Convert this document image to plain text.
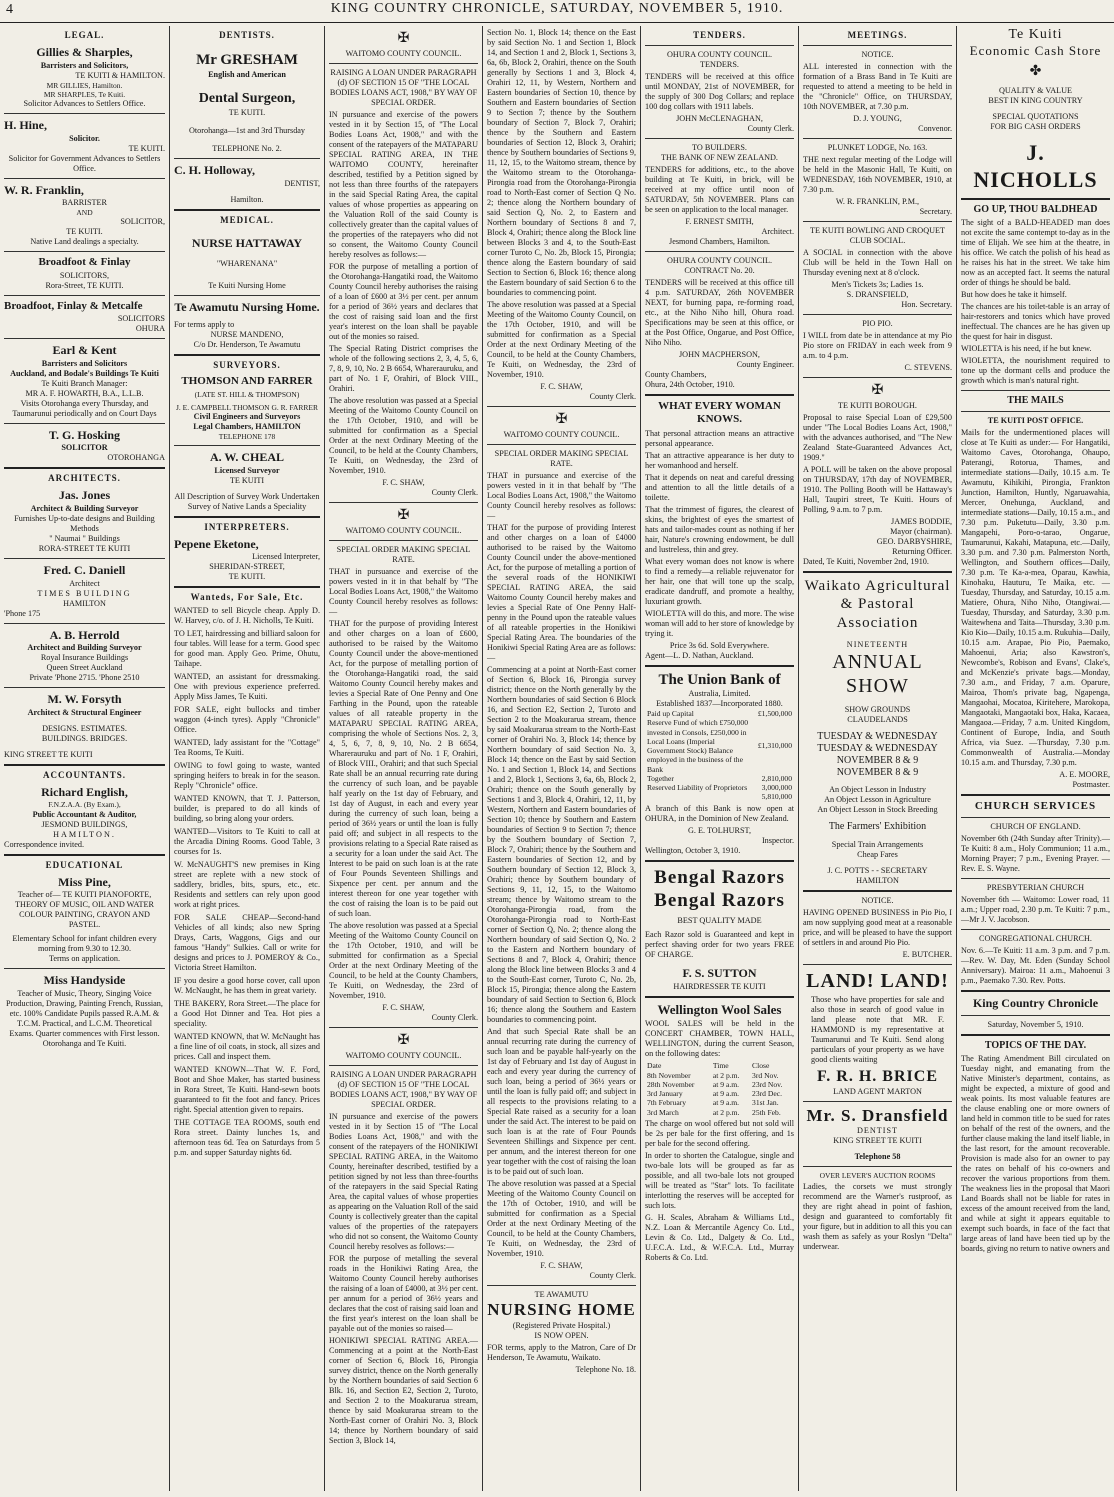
4	KING COUNTRY CHRONICLE, SATURDAY, NOVEMBER 5, 1910.
LEGAL.
Gillies & Sharples,
Barristers and Solicitors,
TE KUITI & HAMILTON.
MR GILLIES, Hamilton.
MR SHARPLES, Te Kuiti.
Solicitor Advances to Settlers Office.
H. Hine,
Solicitor.
TE KUITI.
Solicitor for Government Advances to Settlers Office.
W. R. Franklin,
BARRISTER
AND
SOLICITOR,
TE KUITI.
Native Land dealings a specialty.
Broadfoot & Finlay
SOLICITORS,
Rora-Street, TE KUITI.
Broadfoot, Finlay & Metcalfe
SOLICITORS
OHURA
Earl & Kent
Barristers and Solicitors
Auckland, and Bodale's Buildings Te Kuiti
Te Kuiti Branch Manager:
MR A. F. HOWARTH, B.A., L.L.B.
Visits Otorohanga every Thursday, and Taumarunui periodically and on Court Days
T. G. Hosking
SOLICITOR
OTOROHANGA
ARCHITECTS.
Jas. Jones
Architect & Building Surveyor
Furnishes Up-to-date designs and Building Methods
" Naumai " Buildings
RORA-STREET TE KUITI
Fred. C. Daniell
Architect
TIMES BUILDING
HAMILTON
'Phone 175
A. B. Herrold
Architect and Building Surveyor
Royal Insurance Buildings
Queen Street Auckland
Private 'Phone 2715. 'Phone 2510
M. W. Forsyth
Architect & Structural Engineer
DESIGNS. ESTIMATES.
BUILDINGS. BRIDGES.
KING STREET TE KUITI
ACCOUNTANTS.
Richard English,
F.N.Z.A.A. (By Exam.),
Public Accountant & Auditor,
JESMOND BUILDINGS,
HAMILTON.
Correspondence invited.
EDUCATIONAL
Miss Pine,
Teacher of— TE KUITI PIANOFORTE, THEORY OF MUSIC, OIL AND WATER COLOUR PAINTING, CRAYON AND PASTEL.
Elementary School for infant children every morning from 9.30 to 12.30.
Terms on application.
Miss Handyside
Teacher of Music, Theory, Singing Voice Production, Drawing, Painting French, Russian, etc. 100% Candidate Pupils passed R.A.M. & T.C.M. Practical, and L.C.M. Theoretical Exams. Quarter commences with First lesson. Otorohanga and Te Kuiti.
DENTISTS.
Mr GRESHAM
English and American
Dental Surgeon,
TE KUITI.
Otorohanga—1st and 3rd Thursday
TELEPHONE No. 2.
C. H. Holloway,
DENTIST,
Hamilton.
MEDICAL.
NURSE HATTAWAY
"WHARENANA"
Te Kuiti Nursing Home
Te Awamutu Nursing Home.
For terms apply to
NURSE MANDENO,
C/o Dr. Henderson, Te Awamutu
SURVEYORS.
THOMSON AND FARRER
(LATE ST. HILL & THOMPSON)
J. E. CAMPBELL THOMSON G. R. FARRER
Civil Engineers and Surveyors
Legal Chambers, HAMILTON
TELEPHONE 178
A. W. CHEAL
Licensed Surveyor
TE KUITI
All Description of Survey Work Undertaken
Survey of Native Lands a Speciality
INTERPRETERS.
Pepene Eketone,
Licensed Interpreter,
SHERIDAN-STREET,
TE KUITI.
Wanteds, For Sale, Etc.
WANTED to sell Bicycle cheap. Apply D. W. Harvey, c/o. of J. H. Nicholls, Te Kuiti.
TO LET, hairdressing and billiard saloon for four tables. Will lease for a term. Good spec for good man. Apply Geo. Prime, Ohutu, Taihape.
WANTED, an assistant for dressmaking. One with previous experience preferred. Apply Miss James, Te Kuiti.
FOR SALE, eight bullocks and timber waggon (4-inch tyres). Apply "Chronicle" Office.
WANTED, lady assistant for the "Cottage" Tea Rooms, Te Kuiti.
OWING to fowl going to waste, wanted springing heifers to break in for the season. Reply "Chronicle" office.
WANTED KNOWN, that T. J. Patterson, builder, is prepared to do all kinds of building, so bring along your orders.
WANTED—Visitors to Te Kuiti to call at the Arcadia Dining Rooms. Good Table, 3 courses for 1s.
W. McNAUGHT'S new premises in King street are replete with a new stock of saddlery, bridles, bits, spurs, etc., etc. Residents and settlers can rely upon good work at right prices.
FOR SALE CHEAP—Second-hand Vehicles of all kinds; also new Spring Drays, Carts, Waggons, Gigs and our famous "Handy" Sulkies. Call or write for designs and prices to J. POMEROY & Co., Victoria Street Hamilton.
IF you desire a good horse cover, call upon W. McNaught, he has them in great variety.
THE BAKERY, Rora Street.—The place for a Good Hot Dinner and Tea. Hot pies a speciality.
WANTED KNOWN, that W. McNaught has a fine line of oil coats, in stock, all sizes and prices. Call and inspect them.
WANTED KNOWN—That W. F. Ford, Boot and Shoe Maker, has started business in Rora Street, Te Kuiti. Hand-sewn boots guaranteed to fit the foot and fancy. Prices right. Special attention given to repairs.
THE COTTAGE TEA ROOMS, south end Rora street. Dainty lunches 1s, and afternoon teas 6d. Tea on Saturdays from 5 p.m. and supper Saturday nights 6d.
✠
WAITOMO COUNTY COUNCIL.
RAISING A LOAN UNDER PARAGRAPH (d) OF SECTION 15 OF "THE LOCAL BODIES LOANS ACT, 1908," BY WAY OF SPECIAL ORDER.
IN pursuance and exercise of the powers vested in it by Section 15, of "The Local Bodies Loans Act, 1908," and with the consent of the ratepayers of the MATAPARU SPECIAL RATING AREA, IN THE WAITOMO COUNTY, hereinafter described, testified by a Petition signed by not less than three fourths of the ratepayers in the said Special Rating Area, the capital values of whose properties as appearing on the Valuation Roll of the said County is collectively greater than the capital values of the properties of the ratepayers who did not so consent, the Waitomo County Council hereby resolves as follows:—
FOR the purpose of metalling a portion of the Otorohanga-Hangatiki road, the Waitomo County Council hereby authorises the raising of a loan of £600 at 3½ per cent. per annum for a period of 36½ years and declares that the cost of raising said loan and the first year's interest on the loan shall be payable out of the monies so raised.
The Special Rating District comprises the whole of the following sections 2, 3, 4, 5, 6, 7, 8, 9, 10, No. 2 B 6654, Wharerauruku, and part of No. 1 F, Orahiri, of Block VIII., Orahiri.
The above resolution was passed at a Special Meeting of the Waitomo County Council on the 17th October, 1910, and will be submitted for confirmation as a Special Order at the next Ordinary Meeting of the Council, to be held at the County Chambers, Te Kuiti, on Wednesday, the 23rd of November, 1910.
F. C. SHAW,
County Clerk.
✠
WAITOMO COUNTY COUNCIL.
SPECIAL ORDER MAKING SPECIAL RATE.
THAT in pursuance and exercise of the powers vested in it in that behalf by "The Local Bodies Loans Act, 1908," the Waitomo County Council hereby resolves as follows:—
THAT for the purpose of providing Interest and other charges on a loan of £600, authorised to be raised by the Waitomo County Council under the above-mentioned Act, for the purpose of metalling portion of the Otorohanga-Hangatiki road, the said Waitomo County Council hereby makes and levies a Special Rate of One Penny and One Farthing in the Pound, upon the rateable values of all rateable property in the MATAPARU SPECIAL RATING AREA, comprising the whole of Sections Nos. 2, 3, 4, 5, 6, 7, 8, 9, 10, No. 2 B 6654, Wharerauruku and part of No. 1 F, Orahiri, of Block VIII., Orahiri; and that such Special Rate shall be an annual recurring rate during the currency of such loan, and be payable half yearly on the 1st day of February, and 1st day of August, in each and every year during the currency of such loan, being a period of 36½ years or until the loan is fully paid off; and subject in all respects to the provisions relating to a Special Rate raised as a security for a loan under the said Act. The Interest to be paid on such loan is at the rate of Four Pounds Seventeen Shillings and Sixpence per cent. per annum and the interest thereon for one year together with the cost of raising the loan is to be paid out of such loan.
The above resolution was passed at a Special Meeting of the Waitomo County Council on the 17th October, 1910, and will be submitted for confirmation as a Special Order at the next Ordinary Meeting of the Council, to be held at the County Chambers, Te Kuiti, on Wednesday, the 23rd of November, 1910.
F. C. SHAW,
County Clerk.
✠
WAITOMO COUNTY COUNCIL.
RAISING A LOAN UNDER PARAGRAPH (d) OF SECTION 15 OF "THE LOCAL BODIES LOANS ACT, 1908," BY WAY OF SPECIAL ORDER.
IN pursuance and exercise of the powers vested in it by Section 15 of "The Local Bodies Loans Act, 1908," and with the consent of the ratepayers of the HONIKIWI SPECIAL RATING AREA, in the Waitomo County, hereinafter described, testified by a petition signed by not less than three-fourths of the ratepayers in the said Special Rating Area, the capital values of whose properties as appearing on the Valuation Roll of the said County is collectively greater than the capital values of the properties of the ratepayers who did not so consent, the Waitomo County Council hereby resolves as follows:—
FOR the purpose of metalling the several roads in the Honikiwi Rating Area, the Waitomo County Council hereby authorises the raising of a loan of £4000, at 3½ per cent. per annum for a period of 36½ years and declares that the cost of raising said loan and the first year's interest on the loan shall be payable out of the monies so raised—
HONIKIWI SPECIAL RATING AREA.—Commencing at a point at the North-East corner of Section 6, Block 16, Pirongia survey district, thence on the North generally by the Northern boundaries of said Section 6 Blk. 16, and Section E2, Section 2, Turoto, and Section 2 to the Moakurarua stream, thence by said Moakurarua stream to the North-East corner of Orahiri No. 3, Block 14; thence by Northern boundary of said Section 3, Block 14,
Section No. 1, Block 14; thence on the East by said Section No. 1 and Section 1, Block 14, and Section 1 and 2, Block 1, Sections 3, 6a, 6b, Block 2, Orahiri, thence on the South generally by Sections 1 and 3, Block 4, Orahiri 12, 11, by Western, Northern and Eastern boundaries of Section 10, thence by Southern and Eastern boundaries of Section 9 to Section 7; thence by the Southern boundary of Section 7, Block 7, Orahiri; thence by the Southern and Eastern boundaries of Section 12, Block 3, Orahiri; thence by Southern boundaries of Sections 9, 11, 12, 15, to the Waitomo stream, thence by the Waitomo stream to the Otorohanga-Pirongia road from the Otorohanga-Pirongia road to North-East corner of Section Q No. 2; thence along the Northern boundary of said Section Q, No. 2, to Eastern and Northern boundary of Sections 8 and 7, Block 4, Orahiri; thence along the Block line between Blocks 3 and 4, to the South-East corner Turoto C, No. 2b, Block 15, Pirongia; thence along the Eastern boundary of said Section to Section 6, Block 16; thence along the Eastern boundary of said Section 6 to the boundaries to commencing point.
The above resolution was passed at a Special Meeting of the Waitomo County Council, on the 17th October, 1910, and will be submitted for confirmation as a Special Order at the next Ordinary Meeting of the Council, to be held at the County Chambers, Te Kuiti, on Wednesday, the 23rd of November, 1910.
F. C. SHAW,
County Clerk.
✠
WAITOMO COUNTY COUNCIL.
SPECIAL ORDER MAKING SPECIAL RATE.
THAT in pursuance and exercise of the powers vested in it in that behalf by "The Local Bodies Loans Act, 1908," the Waitomo County Council hereby resolves as follows:—
THAT for the purpose of providing Interest and other charges on a loan of £4000 authorised to be raised by the Waitomo County Council under the above-mentioned Act, for the purpose of metalling a portion of the several roads of the HONIKIWI SPECIAL RATING AREA, the said Waitomo County Council hereby makes and levies a Special Rate of One Penny Half-penny in the Pound upon the rateable values of all rateable properties in the Honikiwi Special Rating Area. The boundaries of the Honikiwi Special Rating Area are as follows:—
Commencing at a point at North-East corner of Section 6, Block 16, Pirongia survey district; thence on the North generally by the Northern boundaries of said Section 6 Block 16, and Section E2, Section 2, Turoto and Section 2 to the Moakurarua stream, thence by said Moakurarua stream to the North-East corner of Orahiri No. 3, Block 14; thence by Northern boundary of said Section No. 3, Block 14; thence on the East by said Section No. 1 and Section 1, Block 14, and Sections 1 and 2, Block 1, Sections 3, 6a, 6b, Block 2, Orahiri; thence on the South generally by Sections 1 and 3, Block 4, Orahiri, 12, 11, by Western, Northern and Eastern boundaries of Section 10; thence by Southern and Eastern boundaries of Section 9 to Section 7; thence by the Southern boundary of Section 7, Block 7, Orahiri; thence by the Southern and Eastern boundaries of Section 12, and by Southern boundary of Section 12, Block 3, Orahiri; thence by Southern boundary of Sections 9, 11, 12, 15, to the Waitomo stream; thence by Waitomo stream to the Otorohanga-Pirongia road, from the Otorohanga-Pirongia road to North-East corner of Section Q, No. 2; thence along the Northern boundary of said Section Q, No. 2 to the Eastern and Northern boundary of Sections 8 and 7, Block 4, Orahiri; thence along the Block line between Blocks 3 and 4 to the South-East corner, Turoto C, No. 2b, Block 15, Pirongia; thence along the Eastern boundary of said Section to Section 6, Block 16; thence along the Southern and Eastern boundaries to commencing point.
And that such Special Rate shall be an annual recurring rate during the currency of such loan and be payable half-yearly on the 1st day of February and 1st day of August in each and every year during the currency of such loan, being a period of 36½ years or until the loan is fully paid off; and subject in all respects to the provisions relating to a Special Rate raised as a security for a loan under the said Act. The interest to be paid on such loan is at the rate of Four Pounds Seventeen Shillings and Sixpence per cent. per annum, and the interest thereon for one year together with the cost of raising the loan is to be paid out of such loan.
The above resolution was passed at a Special Meeting of the Waitomo County Council on the 17th of October, 1910, and will be submitted for confirmation as a Special Order at the next Ordinary Meeting of the Council, to be held at the County Chambers, Te Kuiti, on Wednesday, the 23rd of November, 1910.
F. C. SHAW,
County Clerk.
TE AWAMUTU
NURSING HOME
(Registered Private Hospital.)
IS NOW OPEN.
FOR terms, apply to the Matron, Care of Dr Henderson, Te Awamutu, Waikato.
Telephone No. 18.
TENDERS.
OHURA COUNTY COUNCIL.
TENDERS.
TENDERS will be received at this office until MONDAY, 21st of NOVEMBER, for the supply of 300 Dog Collars; and replace 100 dog collars with 1911 labels.
JOHN McCLENAGHAN,
County Clerk.
TO BUILDERS.
THE BANK OF NEW ZEALAND.
TENDERS for additions, etc., to the above building at Te Kuiti, in brick, will be received at my office until noon of SATURDAY, 5th NOVEMBER. Plans can be seen on application to the local manager.
F. ERNEST SMITH,
Architect.
Jesmond Chambers, Hamilton.
OHURA COUNTY COUNCIL.
CONTRACT No. 20.
TENDERS will be received at this office till 4 p.m. SATURDAY, 26th NOVEMBER NEXT, for burning papa, re-forming road, etc., at the Niho Niho hill, Ohura road. Specifications may be seen at this office, or at the Post Office, Ongarue, and Post Office, Niho Niho.
JOHN MACPHERSON,
County Engineer.
County Chambers,
Ohura, 24th October, 1910.
WHAT EVERY WOMAN KNOWS.
That personal attraction means an attractive personal appearance.
That an attractive appearance is her duty to her womanhood and herself.
That it depends on neat and careful dressing and attention to all the little details of a toilette.
That the trimmest of figures, the clearest of skins, the brightest of eyes the smartest of hats and tailor-mades count as nothing if her hair, Nature's crowning endowment, be dull and lustreless, thin and grey.
What every woman does not know is where to find a remedy—a reliable rejuvenator for her hair, one that will tone up the scalp, eradicate dandruff, and promote a healthy, luxuriant growth.
WIOLETTA will do this, and more. The wise woman will add to her store of knowledge by trying it.
Price 3s 6d. Sold Everywhere.
Agent—L. D. Nathan, Auckland.
The Union Bank of
Australia, Limited.
Established 1837—Incorporated 1880.
Paid up Capital	£1,500,000
Reserve Fund of which £750,000 invested in Consols, £250,000 in Local Loans (Imperial Government Stock) Balance employed in the business of the Bank	£1,310,000
Together	2,810,000
Reserved Liability of Proprietors	3,000,000
	5,810,000
A branch of this Bank is now open at OHURA, in the Dominion of New Zealand.
G. E. TOLHURST,
Inspector.
Wellington, October 3, 1910.
Bengal Razors
Bengal Razors
BEST QUALITY MADE
Each Razor sold is Guaranteed and kept in perfect shaving order for two years FREE OF CHARGE.
F. S. SUTTON
HAIRDRESSER TE KUITI
Wellington Wool Sales
WOOL SALES will be held in the CONCERT CHAMBER, TOWN HALL, WELLINGTON, during the current Season, on the following dates:
Date	Time	Close
8th November	at 2 p.m.	3rd Nov.
28th November	at 9 a.m.	23rd Nov.
3rd January	at 9 a.m.	23rd Dec.
7th February	at 9 a.m.	31st Jan.
3rd March	at 2 p.m.	25th Feb.
The charge on wool offered but not sold will be 2s per bale for the first offering, and 1s per bale for the second offering.
In order to shorten the Catalogue, single and two-bale lots will be grouped as far as possible, and all two-bale lots not grouped will be treated as "Star" lots. To facilitate interlotting the reserves will be accepted for such lots.
G. H. Scales, Abraham & Williams Ltd., N.Z. Loan & Mercantile Agency Co. Ltd., Levin & Co. Ltd., Dalgety & Co. Ltd., U.F.C.A. Ltd., & W.F.C.A. Ltd., Murray Roberts & Co. Ltd.
MEETINGS.
NOTICE.
ALL interested in connection with the formation of a Brass Band in Te Kuiti are requested to attend a meeting to be held in the "Chronicle" Office, on THURSDAY, 10th NOVEMBER, at 7.30 p.m.
D. J. YOUNG,
Convenor.
PLUNKET LODGE, No. 163.
THE next regular meeting of the Lodge will be held in the Masonic Hall, Te Kuiti, on WEDNESDAY, 16th NOVEMBER, 1910, at 7.30 p.m.
W. R. FRANKLIN, P.M.,
Secretary.
TE KUITI BOWLING AND CROQUET CLUB SOCIAL.
A SOCIAL in connection with the above Club will be held in the Town Hall on Thursday evening next at 8 o'clock.
Men's Tickets 3s; Ladies 1s.
S. DRANSFIELD,
Hon. Secretary.
PIO PIO.
I WILL from date be in attendance at my Pio Pio store on FRIDAY in each week from 9 a.m. to 4 p.m.
C. STEVENS.
✠
TE KUITI BOROUGH.
Proposal to raise Special Loan of £29,500 under "The Local Bodies Loans Act, 1908," with the advances authorised, and "The New Zealand State-Guaranteed Advances Act, 1909."
A POLL will be taken on the above proposal on THURSDAY, 17th day of NOVEMBER, 1910. The Polling Booth will be Hattaway's Hall, Taupiri street, Te Kuiti. Hours of Polling, 9 a.m. to 7 p.m.
JAMES BODDIE,
Mayor (chairman).
GEO. DARBYSHIRE,
Returning Officer.
Dated, Te Kuiti, November 2nd, 1910.
Waikato Agricultural
& Pastoral Association
NINETEENTH
ANNUAL SHOW
SHOW GROUNDS
CLAUDELANDS
TUESDAY & WEDNESDAY
TUESDAY & WEDNESDAY
NOVEMBER 8 & 9
NOVEMBER 8 & 9
An Object Lesson in Industry
An Object Lesson in Agriculture
An Object Lesson in Stock Breeding
The Farmers' Exhibition
Special Train Arrangements
Cheap Fares
J. C. POTTS - - SECRETARY
HAMILTON
NOTICE.
HAVING OPENED BUSINESS in Pio Pio, I am now supplying good meat at a reasonable price, and will be pleased to have the support of settlers in and around Pio Pio.
E. BUTCHER.
LAND! LAND!
Those who have properties for sale and also those in search of good value in land please note that MR. F. HAMMOND is my representative at Taumarunui and Te Kuiti. Send along particulars of your property as we have good clients waiting
F. R. H. BRICE
LAND AGENT MARTON
Mr. S. Dransfield
DENTIST
KING STREET TE KUITI
Telephone 58
OVER LEVER'S AUCTION ROOMS
Ladies, the corsets we must strongly recommend are the Warner's rustproof, as they are right ahead in point of fashion, design and guaranteed to comfortably fit your figure, but in addition to all this you can wash them as safely as your Roslyn "Delta" underwear.
Te Kuiti
Economic Cash Store
✤
QUALITY & VALUE
BEST IN KING COUNTRY
SPECIAL QUOTATIONS
FOR BIG CASH ORDERS
J. NICHOLLS
GO UP, THOU BALDHEAD
The sight of a BALD-HEADED man does not excite the same contempt to-day as in the time of Elijah. We see him at the theatre, in his office. We catch the polish of his head as he raises his hat in the street. We take him now as an accepted fact. It seems the natural order of things he should be bald.
But how does he take it himself.
The chances are his toilet-table is an array of hair-restorers and tonics which have proved ineffectual. The chances are he has given up the quest for hair in disgust.
WIOLETTA is his need, if he but knew.
WIOLETTA, the nourishment required to tone up the dormant cells and produce the growth which is man's natural right.
THE MAILS
TE KUITI POST OFFICE.
Mails for the undermentioned places will close at Te Kuiti as under:— For Hangatiki, Waitomo Caves, Otorohanga, Ohaupo, Paterangi, Rotorua, Thames, and intermediate stations—Daily, 10.15 a.m. Te Awamutu, Kihikihi, Pirongia, Frankton Junction, Hamilton, Huntly, Ngaruawahia, Mercer, Onehunga, Auckland, and intermediate stations—Daily, 10.15 a.m., and 7.30 p.m. Puketutu—Daily, 3.30 p.m. Mangapehi, Poro-o-tarao, Ongarue, Taumarunui, Kakahi, Matapuna, etc.—Daily, 3.30 p.m. and 7.30 p.m. Palmerston North, Wellington, and Southern offices—Daily, 7.30 p.m. Te Ka-a-mea, Oparau, Kawhia, Kinohaku, Hauturu, Te Maika, etc. —Tuesday, Thursday, and Saturday, 10.15 a.m. Matiere, Ohura, Niho Niho, Otangiwai.—Tuesday, Thursday, and Saturday, 3.30 p.m. Waitewhena and Taita—Thursday, 3.30 p.m. Kio Kio—Daily, 10.15 a.m. Rukuhia—Daily, 10.15 a.m. Arapae, Pio Pio, Paemako, Mahoenui, Aria; also Kawstron's, Newcombe's, Robison and Evans', Clake's, and McKenzie's private bags.—Monday, 7.30 a.m., and Friday, 7 a.m. Oparure, Mairoa, Thom's private bag, Ngapenga, Mangaohai, Mocatoa, Kiritehere, Marokopa, Mangaotaki, Mangaotaki box, Haka, Kacaea, Mangaoa.—Friday, 7 a.m. United Kingdom, Continent of Europe, India, and South Africa, via Suez. —Thursday, 7.30 p.m. Commonwealth of Australia.—Monday 10.15 a.m. and Thursday, 7.30 p.m.
A. E. MOORE,
Postmaster.
CHURCH SERVICES
CHURCH OF ENGLAND.
November 6th (24th Sunday after Trinity).—Te Kuiti: 8 a.m., Holy Communion; 11 a.m., Morning Prayer; 7 p.m., Evening Prayer. —Rev. E. S. Wayne.
PRESBYTERIAN CHURCH
November 6th — Waitomo: Lower road, 11 a.m.; Upper road, 2.30 p.m. Te Kuiti: 7 p.m., —Mr J. V. Jacobson.
CONGREGATIONAL CHURCH.
Nov. 6.—Te Kuiti: 11 a.m. 3 p.m. and 7 p.m.—Rev. W. Day, Mt. Eden (Sunday School Anniversary). Mairoa: 11 a.m., Mahoenui 3 p.m., Paemako 7.30. Rev. Potts.
King Country Chronicle
Saturday, November 5, 1910.
TOPICS OF THE DAY.
The Rating Amendment Bill circulated on Tuesday night, and emanating from the Native Minister's department, contains, as might be expected, a mixture of good and weak points. Its most valuable features are the clause enabling one or more owners of land held in common title to be sued for rates on behalf of the rest of the owners, and the further clause making the land itself liable, in the last resort, for the amount recoverable. Provision is made also for an owner to pay the rates on behalf of his co-owners and recover the various proportions from them. The weakness lies in the proposal that Maori Land Boards shall not be liable for rates in excess of the amount received from the land, and while at sight it appears equitable to exempt such boards, in face of the fact that large areas of land have been tied up by the boards, giving no return to native owners and
